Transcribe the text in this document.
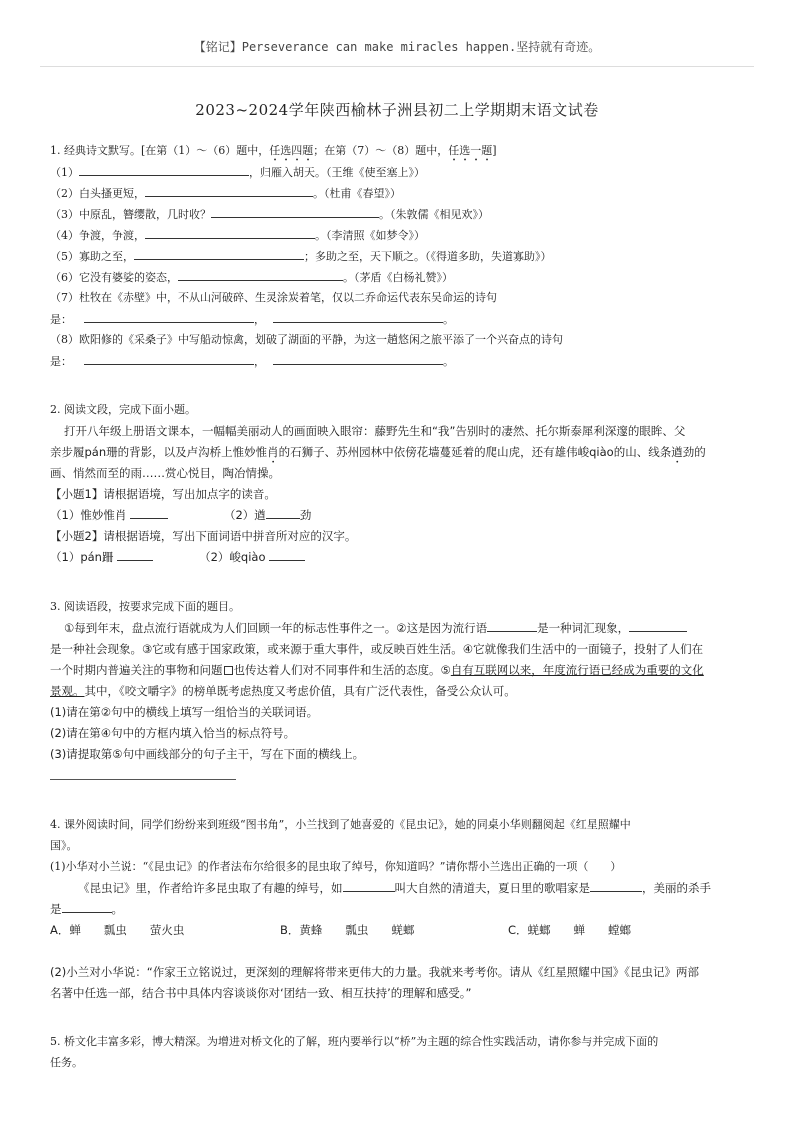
【铭记】Perseverance can make miracles happen.坚持就有奇迹。
2023~2024学年陕西榆林子洲县初二上学期期末语文试卷
1. 经典诗文默写。[在第（1）～（6）题中，任选四题；在第（7）～（8）题中，任选一题]
（1）	，归雁入胡天。（王维《使至塞上》）
（2）白头搔更短，	。（杜甫《春望》）
（3）中原乱，簪缨散，几时收？	。（朱敦儒《相见欢》）
（4）争渡，争渡，	。（李清照《如梦令》）
（5）寡助之至，	；多助之至，天下顺之。（《得道多助，失道寡助》）
（6）它没有婆娑的姿态，	。（茅盾《白杨礼赞》）
（7）杜牧在《赤壁》中，不从山河破碎、生灵涂炭着笔，仅以二乔命运代表东吴命运的诗句
是：	，	。
（8）欧阳修的《采桑子》中写船动惊禽，划破了湖面的平静，为这一趟悠闲之旅平添了一个兴奋点的诗句
是：	，	。
2. 阅读文段，完成下面小题。
打开八年级上册语文课本，一幅幅美丽动人的画面映入眼帘：藤野先生和“我”告别时的凄然、托尔斯泰犀利深邃的眼眸、父
亲步履pán珊的背影，以及卢沟桥上惟妙惟肖的石狮子、苏州园林中依傍花墙蔓延着的爬山虎，还有雄伟峻qiào的山、线条遒劲的
画、悄然而至的雨……赏心悦目，陶冶情操。
【小题1】请根据语境，写出加点字的读音。
（1）惟妙惟肖	（2）遒	劲
【小题2】请根据语境，写出下面词语中拼音所对应的汉字。
（1）pán跚	（2）峻qiào
3. 阅读语段，按要求完成下面的题目。
①每到年末，盘点流行语就成为人们回顾一年的标志性事件之一。②这是因为流行语	是一种词汇现象，
是一种社会现象。③它或有感于国家政策，或来源于重大事件，或反映百姓生活。④它就像我们生活中的一面镜子，投射了人们在
一个时期内普遍关注的事物和问题 也传达着人们对不同事件和生活的态度。⑤自有互联网以来，年度流行语已经成为重要的文化
景观。其中，《咬文嚼字》的榜单既考虑热度又考虑价值，具有广泛代表性，备受公众认可。
(1)请在第②句中的横线上填写一组恰当的关联词语。
(2)请在第④句中的方框内填入恰当的标点符号。
(3)请提取第⑤句中画线部分的句子主干，写在下面的横线上。
4. 课外阅读时间，同学们纷纷来到班级“图书角”，小兰找到了她喜爱的《昆虫记》，她的同桌小华则翻阅起《红星照耀中
国》。
(1)小华对小兰说：“《昆虫记》的作者法布尔给很多的昆虫取了绰号，你知道吗？”请你帮小兰选出正确的一项（　　）
《昆虫记》里，作者给许多昆虫取了有趣的绰号，如	叫大自然的清道夫，夏日里的歌唱家是	，美丽的杀手
是	。
A．蝉　　瓢虫　　萤火虫	B．黄蜂　　瓢虫　　蜣螂	C．蜣螂　　蝉　　螳螂
(2)小兰对小华说：“作家王立铭说过，更深刻的理解将带来更伟大的力量。我就来考考你。请从《红星照耀中国》《昆虫记》两部
名著中任选一部，结合书中具体内容谈谈你对‘团结一致、相互扶持’的理解和感受。”
5. 桥文化丰富多彩，博大精深。为增进对桥文化的了解，班内要举行以“桥”为主题的综合性实践活动，请你参与并完成下面的
任务。
